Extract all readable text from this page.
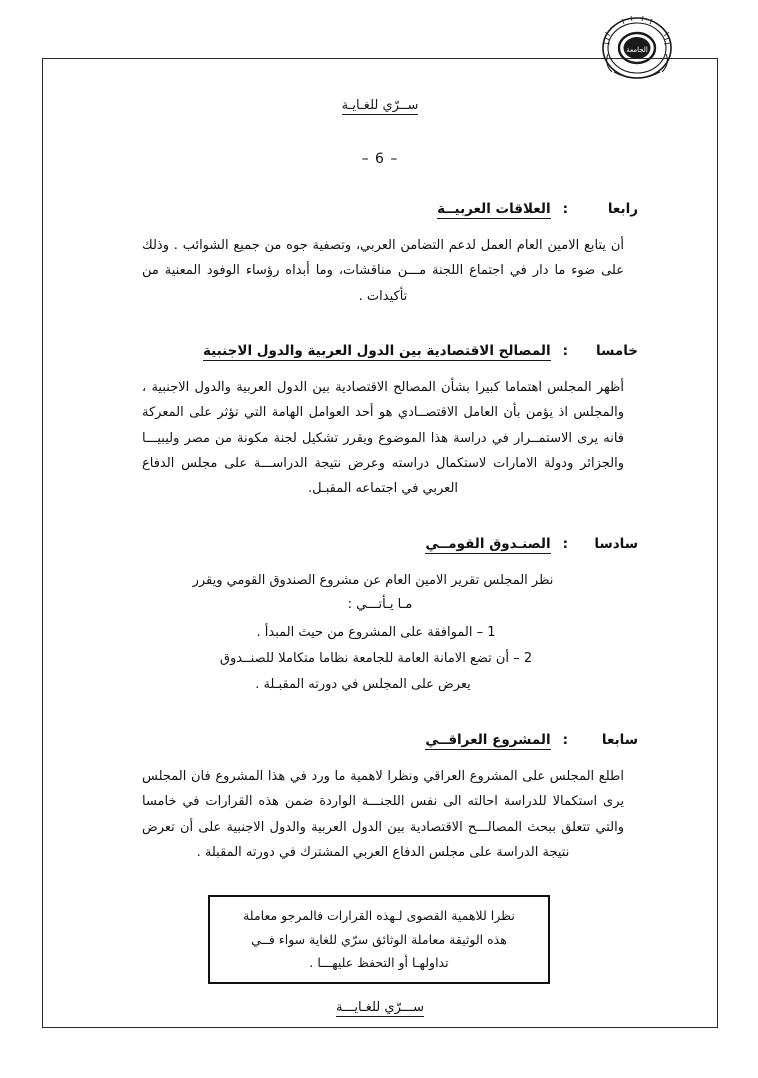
الجامعة
ســرّي للغـايـة
– 6 –
رابعا
:
العلاقات العربيــة

أن يتابع الامين العام العمل لدعم التضامن العربي، وتصفية جوه من جميع الشوائب . وذلك على ضوء ما دار في اجتماع اللجنة مـــن مناقشات، وما أبداه رؤساء الوفود المعنية من تأكيدات .

خامسا
:
المصالح الاقتصادية بين الدول العربية والدول الاجنبية

أظهر المجلس اهتماما كبيرا بشأن المصالح الاقتصادية بين الدول العربية والدول الاجنبية ، والمجلس اذ يؤمن بأن العامل الاقتصــادي هو أحد العوامل الهامة التي تؤثر على المعركة فانه يرى الاستمــرار في دراسة هذا الموضوع ويقرر تشكيل لجنة مكونة من مصر وليبيـــا والجزائر ودولة الامارات لاستكمال دراسته وعرض نتيجة الدراســـة على مجلس الدفاع العربي في اجتماعه المقبـل.

سادسا
:
الصنـدوق القومــي

نظر المجلس تقرير الامين العام عن مشروع الصندوق القومي ويقرر

مـا يـأتـــي :
1 – الموافقة على المشروع من حيث المبدأ .
2 – أن تضع الامانة العامة للجامعة نظاما متكاملا للصنــدوق
يعرض على المجلس في دورته المقبـلة .
سابعا
:
المشروع العراقــي

اطلع المجلس على المشروع العراقي ونظرا لاهمية ما ورد في هذا المشروع فان المجلس يرى استكمالا للدراسة احالته الى نفس اللجنـــة الواردة ضمن هذه القرارات في خامسا والتي تتعلق ببحث المصالـــح الاقتصادية بين الدول العربية والدول الاجنبية على أن تعرض نتيجة الدراسة على مجلس الدفاع العربي المشترك في دورته المقبلة .

نظرا للاهمية القصوى لـهذه القرارات فالمرجو معاملة
هذه الوثيقة معاملة الوثائق سرّي للغاية سواء فــي
تداولهـا أو التحفظ عليهـــا .
ســـرّي للغـايـــة
